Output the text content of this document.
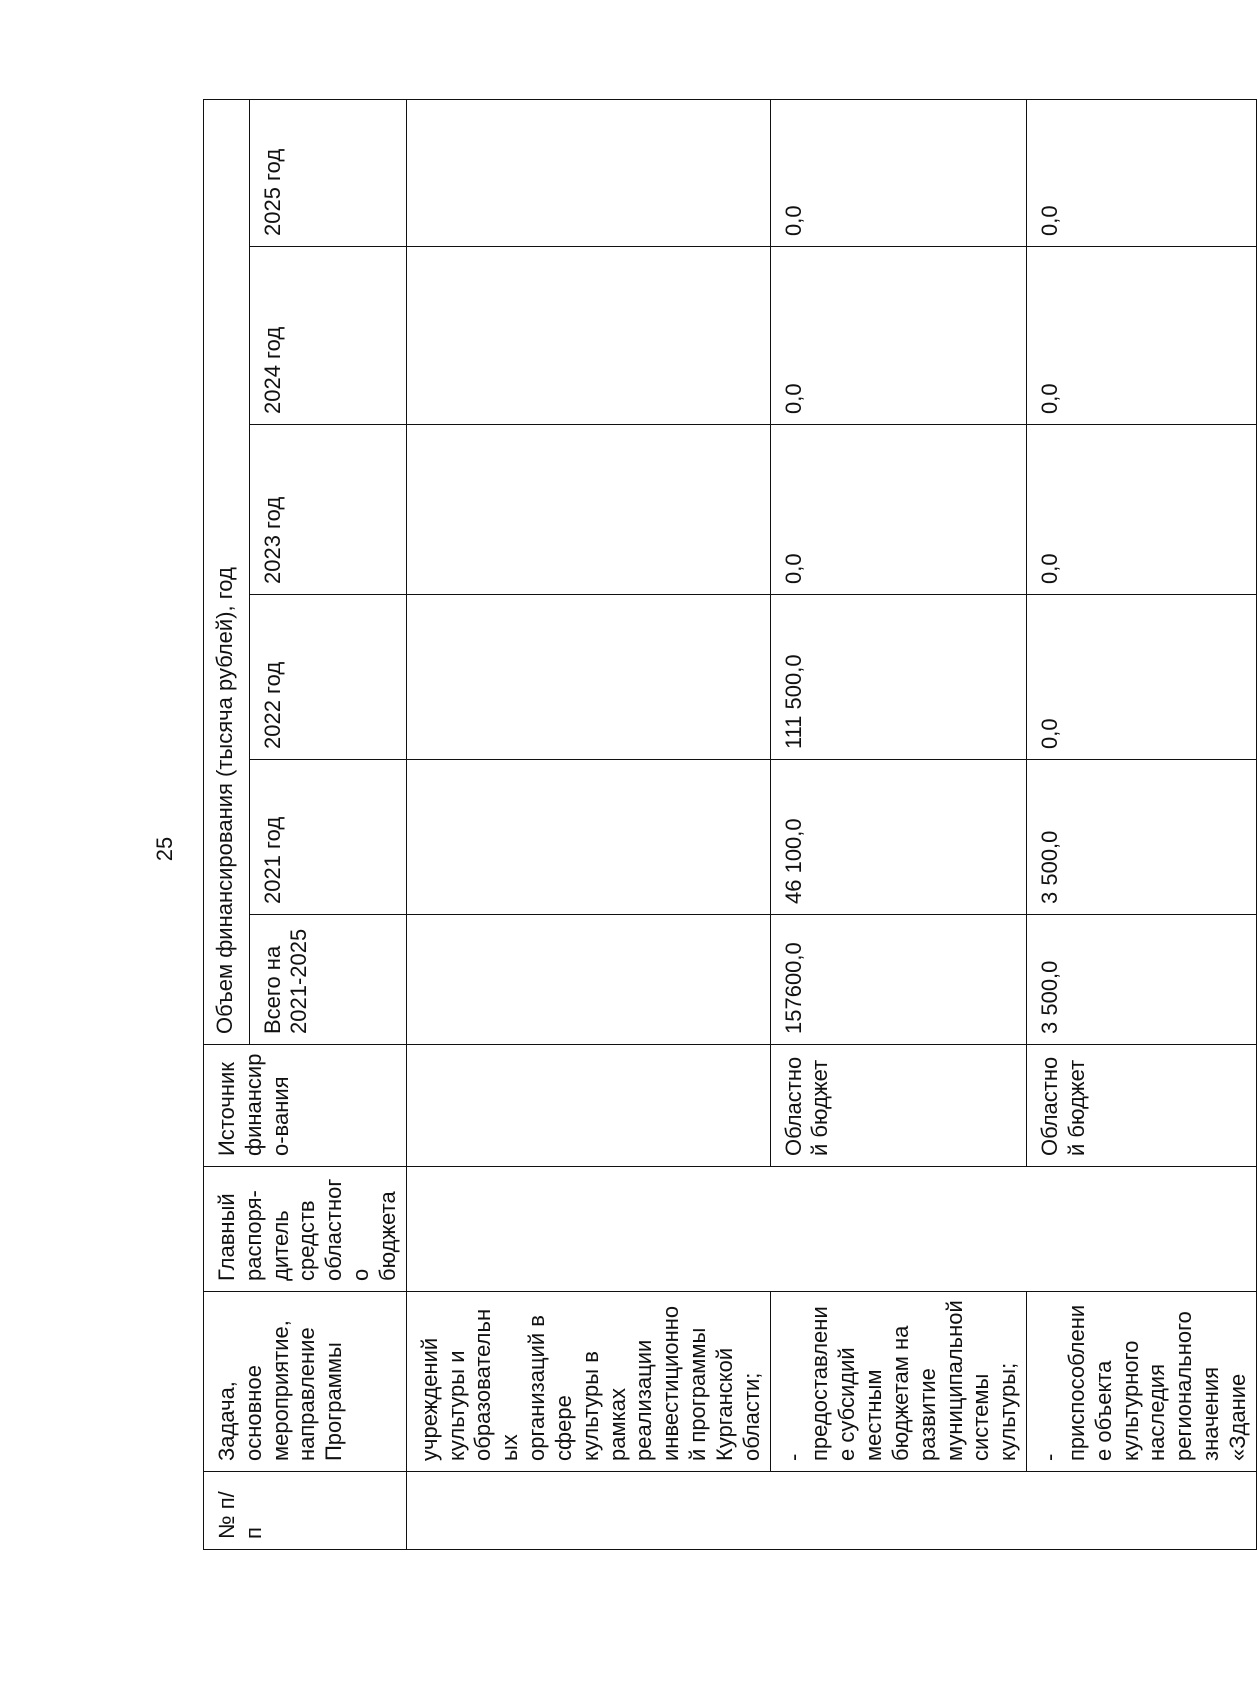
25
№ п/п	Задача, основное мероприятие, направление Программы	Главный распоря-дитель средств областного бюджета	Источник финансиро-вания	Объем финансирования (тысяча рублей), год					
				Всего на 2021-2025	2021 год	2022 год	2023 год	2024 год	2025 год
	учреждений культуры и образовательных организаций в сфере культуры в рамках реализации инвестиционной программы Курганской области;								
	- предоставление субсидий местным бюджетам на развитие муниципальной системы культуры;		Областной бюджет	157600,0	46 100,0	111 500,0	0,0	0,0	0,0
	- приспособление объекта культурного наследия регионального значения «Здание		Областной бюджет	3 500,0	3 500,0	0,0	0,0	0,0	0,0
